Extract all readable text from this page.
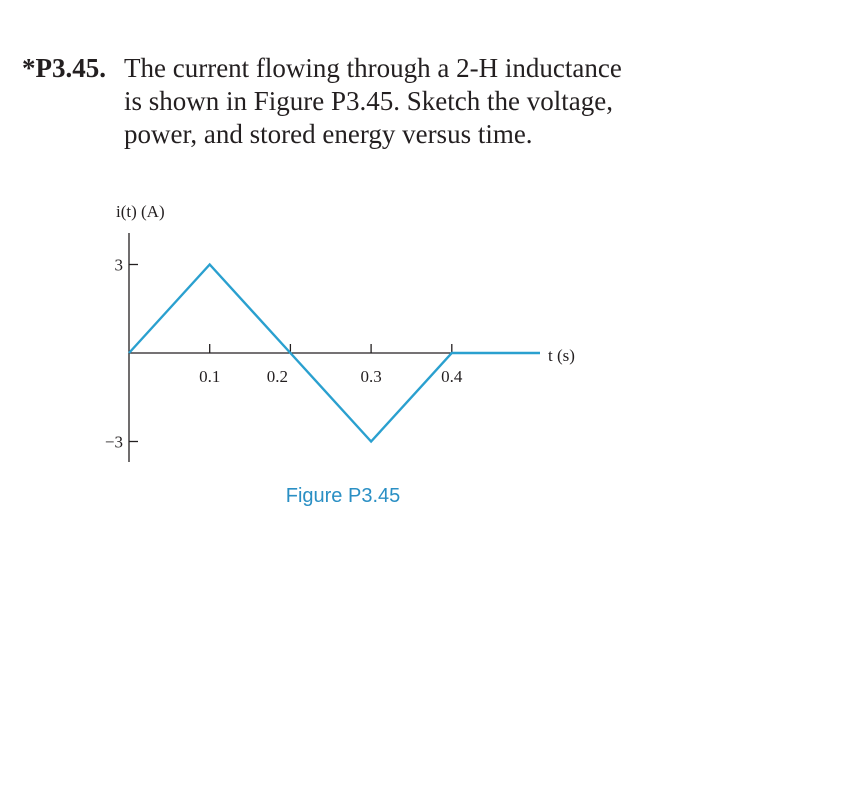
*P3.45. The current flowing through a 2-H inductance
is shown in Figure P3.45. Sketch the voltage,
power, and stored energy versus time.
i(t) (A)
t (s)
3
−3
0.1	0.2	0.3	0.4
Figure P3.45
